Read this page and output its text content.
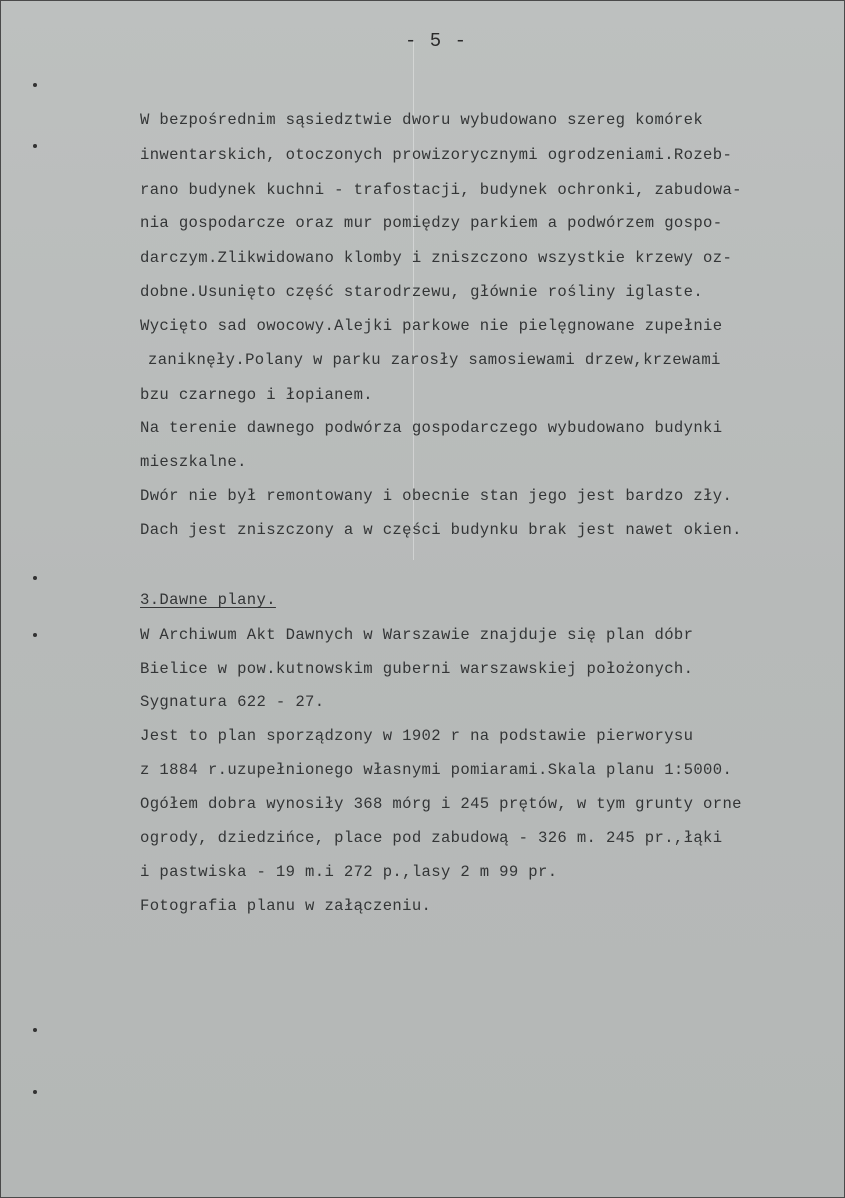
- 5 -
W bezpośrednim sąsiedztwie dworu wybudowano szereg komórek
inwentarskich, otoczonych prowizorycznymi ogrodzeniami.Rozeb-
rano budynek kuchni - trafostacji, budynek ochronki, zabudowa-
nia gospodarcze oraz mur pomiędzy parkiem a podwórzem gospo-
darczym.Zlikwidowano klomby i zniszczono wszystkie krzewy oz-
dobne.Usunięto część starodrzewu, głównie rośliny iglaste.
Wycięto sad owocowy.Alejki parkowe nie pielęgnowane zupełnie
zaniknęły.Polany w parku zarosły samosiewami drzew,krzewami
bzu czarnego i łopianem.
Na terenie dawnego podwórza gospodarczego wybudowano budynki
mieszkalne.
Dwór nie był remontowany i obecnie stan jego jest bardzo zły.
Dach jest zniszczony a w części budynku brak jest nawet okien.
3.Dawne plany.
W Archiwum Akt Dawnych w Warszawie znajduje się plan dóbr
Bielice w pow.kutnowskim guberni warszawskiej położonych.
Sygnatura 622 - 27.
Jest to plan sporządzony w 1902 r na podstawie pierworysu
z 1884 r.uzupełnionego własnymi pomiarami.Skala planu 1:5000.
Ogółem dobra wynosiły 368 mórg i 245 prętów, w tym grunty orne
ogrody, dziedzińce, place pod zabudową - 326 m. 245 pr.,łąki
i pastwiska - 19 m.i 272 p.,lasy 2 m 99 pr.
Fotografia planu w załączeniu.
